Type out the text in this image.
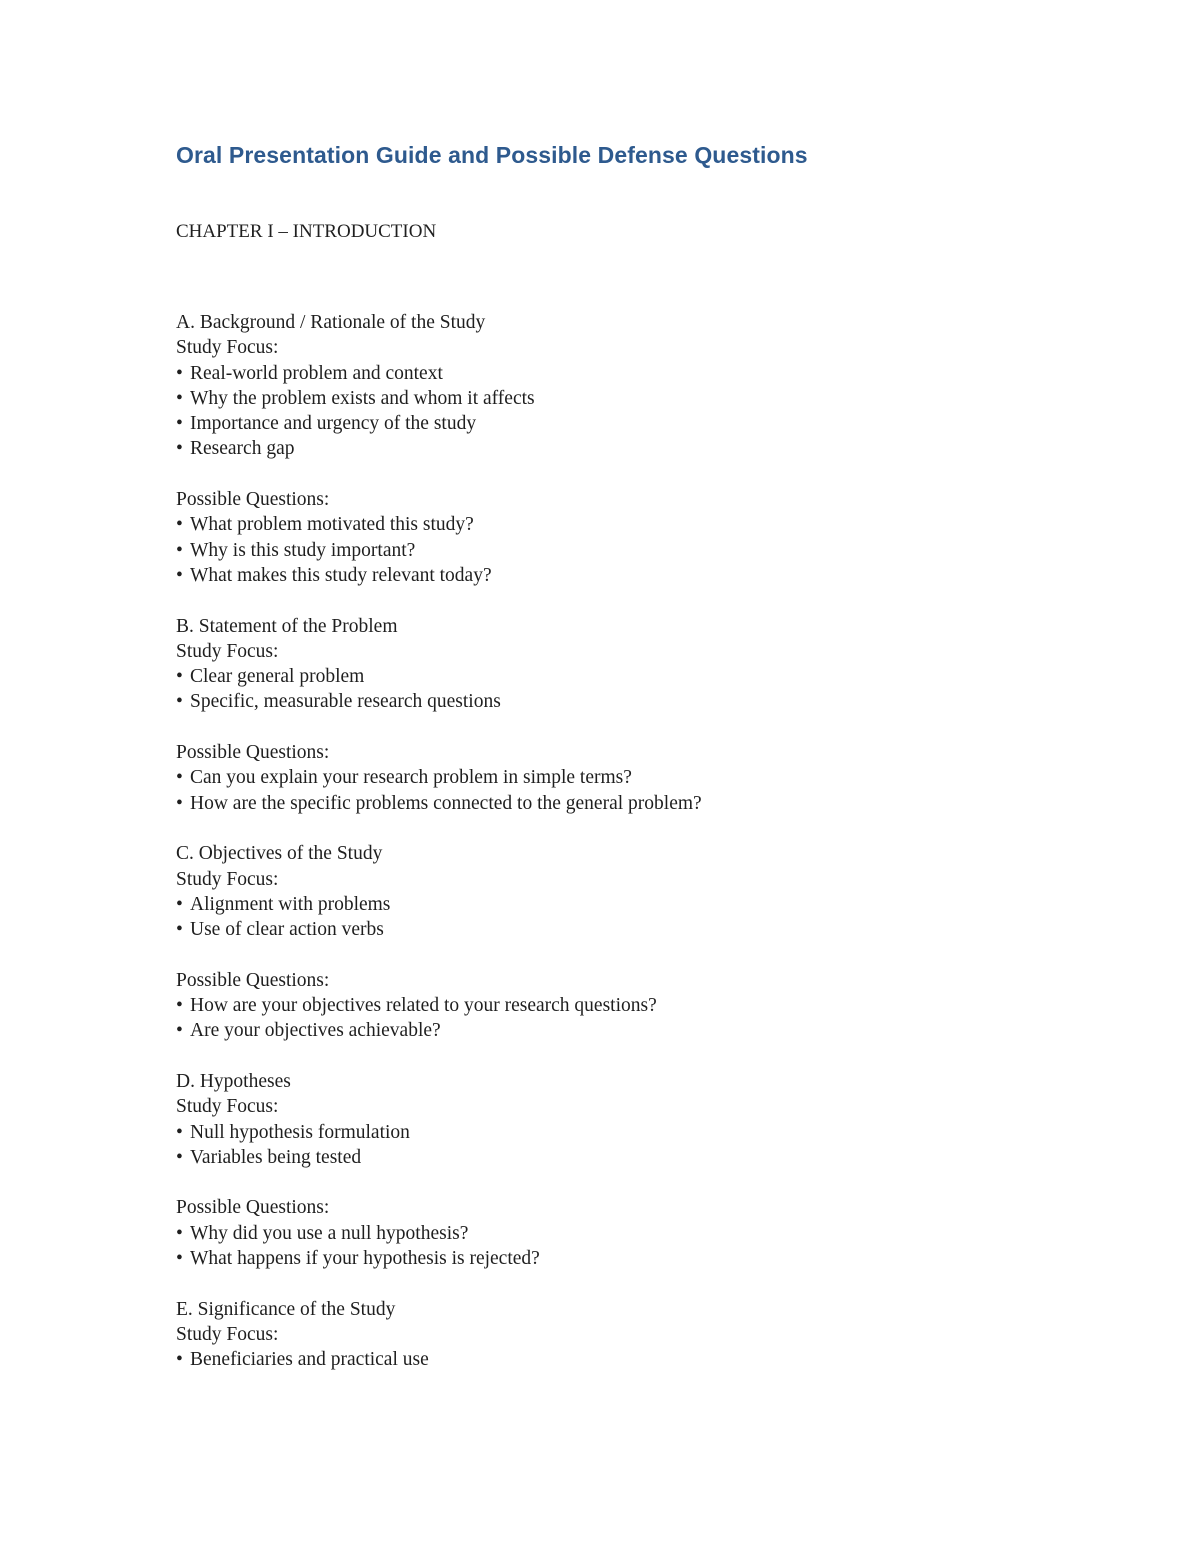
Oral Presentation Guide and Possible Defense Questions

CHAPTER I – INTRODUCTION

A. Background / Rationale of the Study
Study Focus:
• Real-world problem and context
• Why the problem exists and whom it affects
• Importance and urgency of the study
• Research gap
Possible Questions:
• What problem motivated this study?
• Why is this study important?
• What makes this study relevant today?
B. Statement of the Problem
Study Focus:
• Clear general problem
• Specific, measurable research questions
Possible Questions:
• Can you explain your research problem in simple terms?
• How are the specific problems connected to the general problem?
C. Objectives of the Study
Study Focus:
• Alignment with problems
• Use of clear action verbs
Possible Questions:
• How are your objectives related to your research questions?
• Are your objectives achievable?
D. Hypotheses
Study Focus:
• Null hypothesis formulation
• Variables being tested
Possible Questions:
• Why did you use a null hypothesis?
• What happens if your hypothesis is rejected?
E. Significance of the Study
Study Focus:
• Beneficiaries and practical use
